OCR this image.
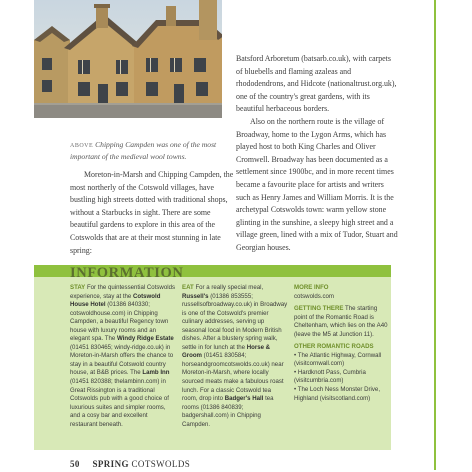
ABOVE Chipping Campden was one of the most important of the medieval wool towns.

Moreton-in-Marsh and Chipping Campden, the most northerly of the Cotswold villages, have bustling high streets dotted with traditional shops, without a Starbucks in sight. There are some beautiful gardens to explore in this area of the Cotswolds that are at their most stunning in late spring:

Batsford Arboretum (batsarb.co.uk), with carpets of bluebells and flaming azaleas and rhododendrons, and Hidcote (nationaltrust.org.uk), one of the country's great gardens, with its beautiful herbaceous borders.

Also on the northern route is the village of Broadway, home to the Lygon Arms, which has played host to both King Charles and Oliver Cromwell. Broadway has been documented as a settlement since 1900bc, and in more recent times became a favourite place for artists and writers such as Henry James and William Morris. It is the archetypal Cotswolds town: warm yellow stone glinting in the sunshine, a sleepy high street and a village green, lined with a mix of Tudor, Stuart and Georgian houses.

INFORMATION

STAY For the quintessential Cotswolds experience, stay at the Cotswold House Hotel (01386 840330; cotswoldhouse.com) in Chipping Campden, a beautiful Regency town house with luxury rooms and an elegant spa. The Windy Ridge Estate (01451 830465; windy-ridge.co.uk) in Moreton-in-Marsh offers the chance to stay in a beautiful Cotswold country house, at B&B prices. The Lamb Inn (01451 820388; thelambinn.com) in Great Rissington is a traditional Cotswolds pub with a good choice of luxurious suites and simpler rooms, and a cosy bar and excellent restaurant beneath.

EAT For a really special meal, Russell's (01386 853555; russellsofbroadway.co.uk) in Broadway is one of the Cotswold's premier culinary addresses, serving up seasonal local food in Modern British dishes. After a blustery spring walk, settle in for lunch at the Horse & Groom (01451 830584; horseandgroomcotswolds.co.uk) near Moreton-in-Marsh, where locally sourced meats make a fabulous roast lunch. For a classic Cotswold tea room, drop into Badger's Hall tea rooms (01386 840839; badgershall.com) in Chipping Campden.

MORE INFO
cotswolds.com

GETTING THERE The starting point of the Romantic Road is Cheltenham, which lies on the A40 (leave the M5 at Junction 11).

OTHER ROMANTIC ROADS

• The Atlantic Highway, Cornwall (visitcornwall.com)

• Hardknott Pass, Cumbria (visitcumbria.com)

• The Loch Ness Monster Drive, Highland (visitscotland.com)

50 SPRING COTSWOLDS
